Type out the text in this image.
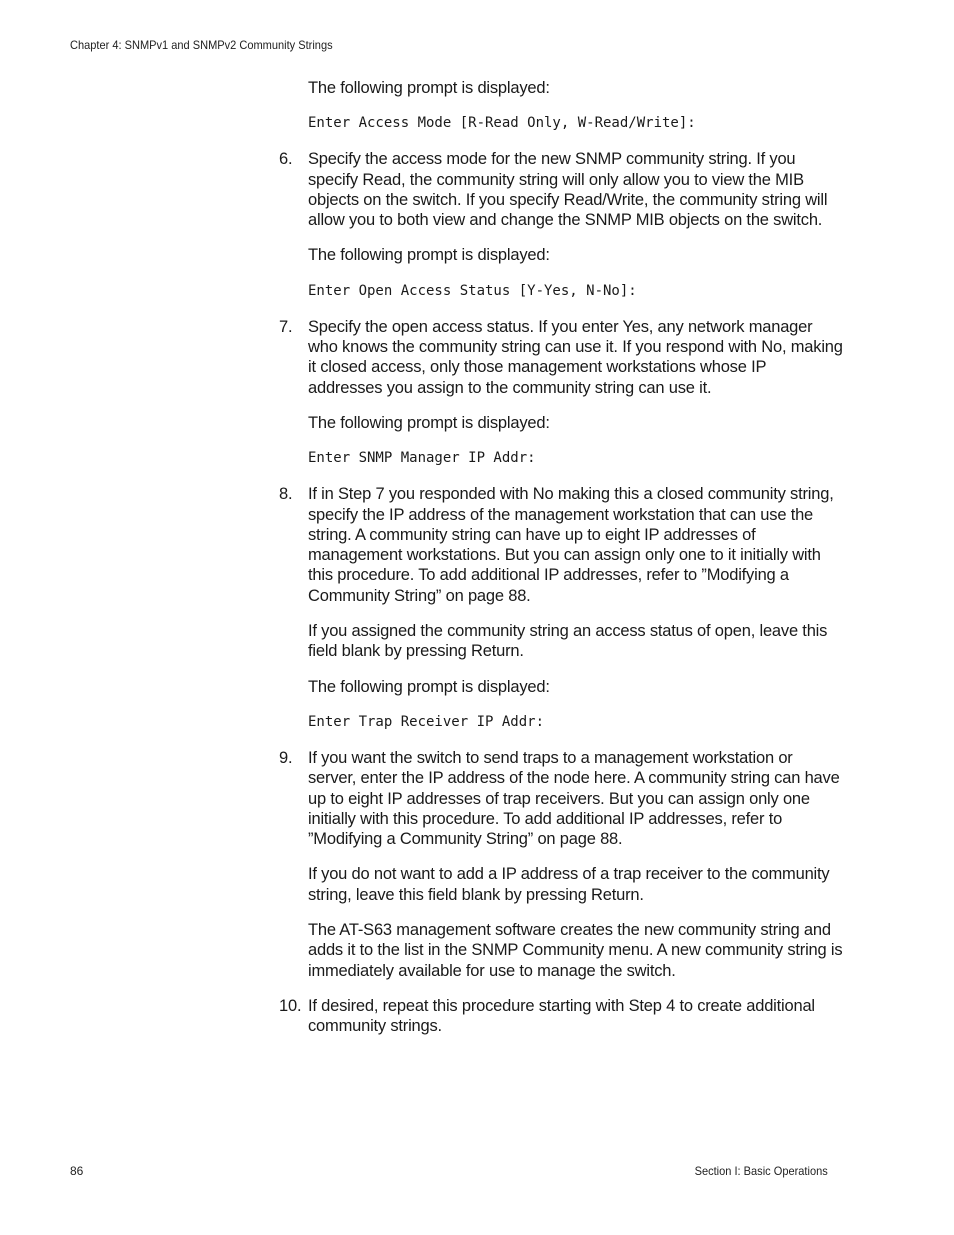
Chapter 4: SNMPv1 and SNMPv2 Community Strings

The following prompt is displayed:

Enter Access Mode [R-Read Only, W-Read/Write]:
6. Specify the access mode for the new SNMP community string. If you specify Read, the community string will only allow you to view the MIB objects on the switch. If you specify Read/Write, the community string will allow you to both view and change the SNMP MIB objects on the switch.

The following prompt is displayed:

Enter Open Access Status [Y-Yes, N-No]:
7. Specify the open access status. If you enter Yes, any network manager who knows the community string can use it. If you respond with No, making it closed access, only those management workstations whose IP addresses you assign to the community string can use it.

The following prompt is displayed:

Enter SNMP Manager IP Addr:
8. If in Step 7 you responded with No making this a closed community string, specify the IP address of the management workstation that can use the string. A community string can have up to eight IP addresses of management workstations. But you can assign only one to it initially with this procedure. To add additional IP addresses, refer to ”Modifying a Community String” on page 88.

If you assigned the community string an access status of open, leave this field blank by pressing Return.

The following prompt is displayed:

Enter Trap Receiver IP Addr:
9. If you want the switch to send traps to a management workstation or server, enter the IP address of the node here. A community string can have up to eight IP addresses of trap receivers. But you can assign only one initially with this procedure. To add additional IP addresses, refer to ”Modifying a Community String” on page 88.

If you do not want to add a IP address of a trap receiver to the community string, leave this field blank by pressing Return.

The AT-S63 management software creates the new community string and adds it to the list in the SNMP Community menu. A new community string is immediately available for use to manage the switch.

10. If desired, repeat this procedure starting with Step 4 to create additional community strings.
86	Section I: Basic Operations
